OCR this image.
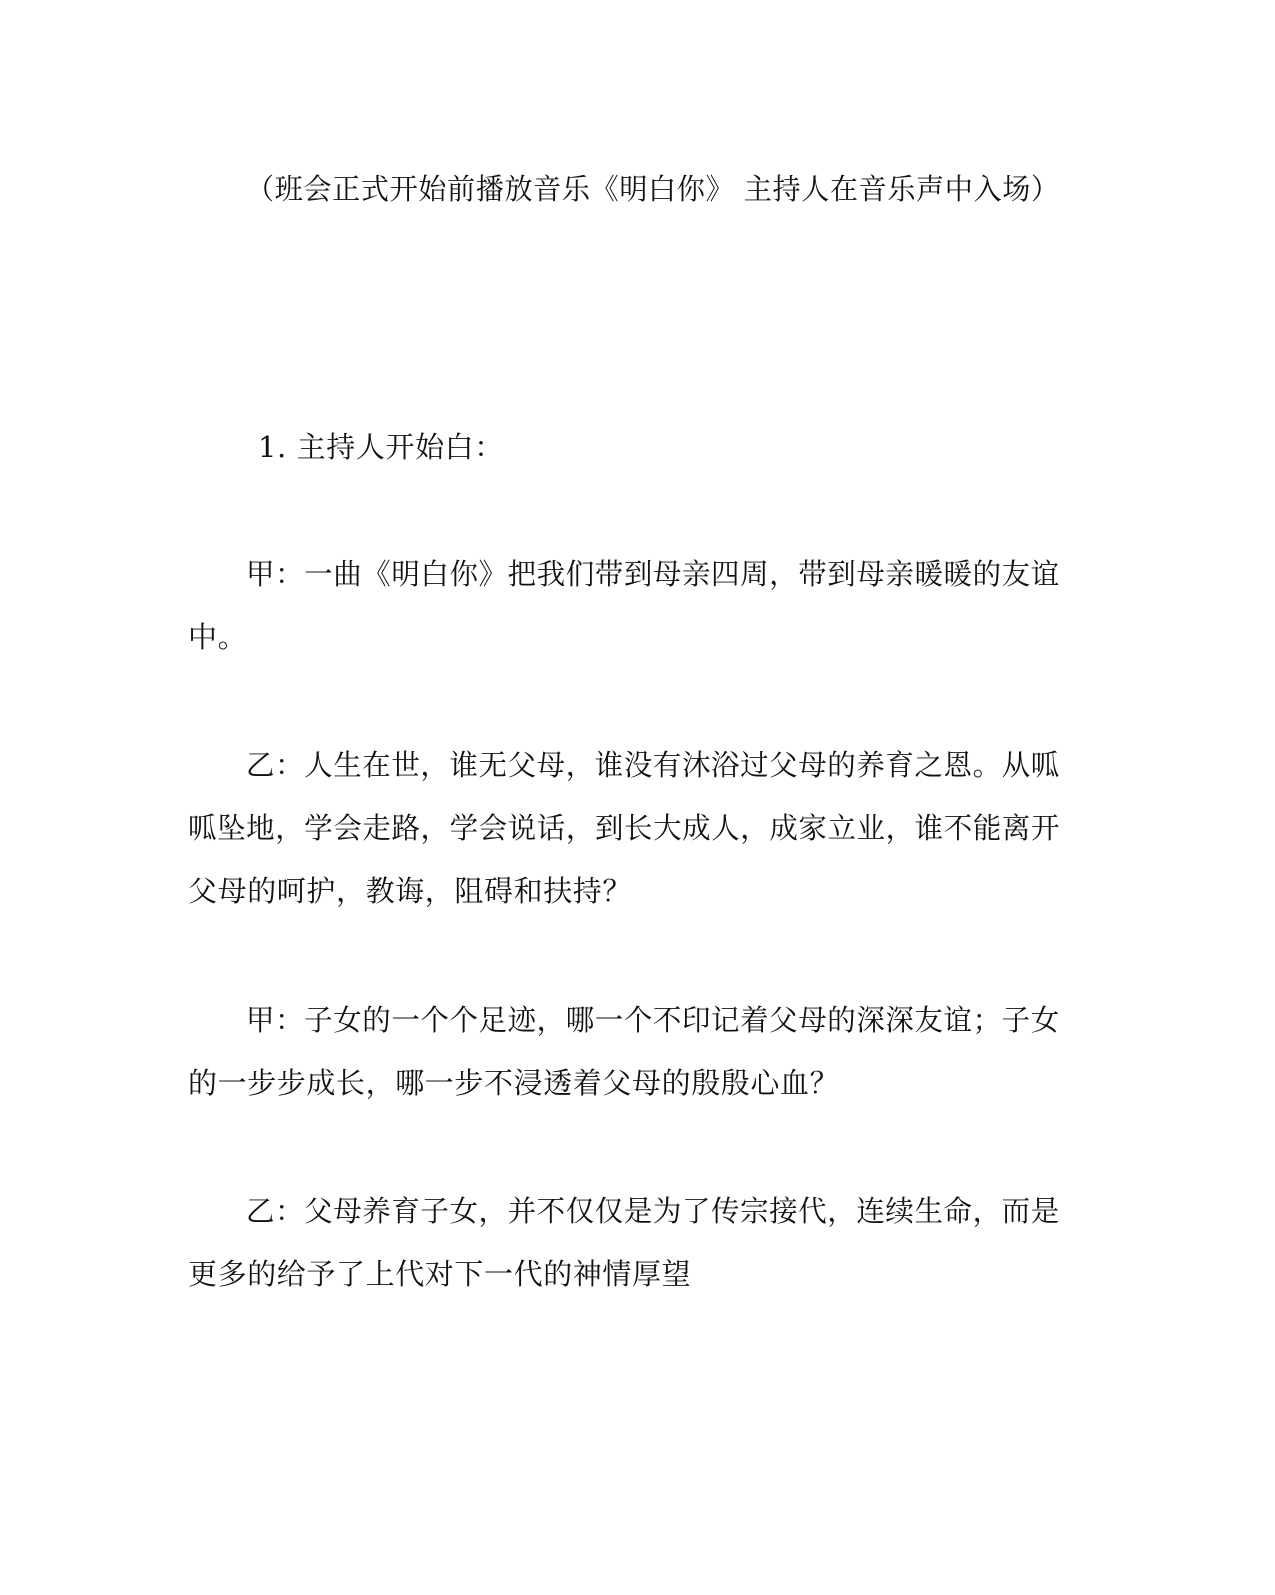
（班会正式开始前播放音乐《明白你》 主持人在音乐声中入场）
1. 主持人开始白：
甲：一曲《明白你》把我们带到母亲四周，带到母亲暖暖的友谊
中。
乙：人生在世，谁无父母，谁没有沐浴过父母的养育之恩。从呱
呱坠地，学会走路，学会说话，到长大成人，成家立业，谁不能离开
父母的呵护，教诲，阻碍和扶持？
甲：子女的一个个足迹，哪一个不印记着父母的深深友谊；子女
的一步步成长，哪一步不浸透着父母的殷殷心血？
乙：父母养育子女，并不仅仅是为了传宗接代，连续生命，而是
更多的给予了上代对下一代的神情厚望
